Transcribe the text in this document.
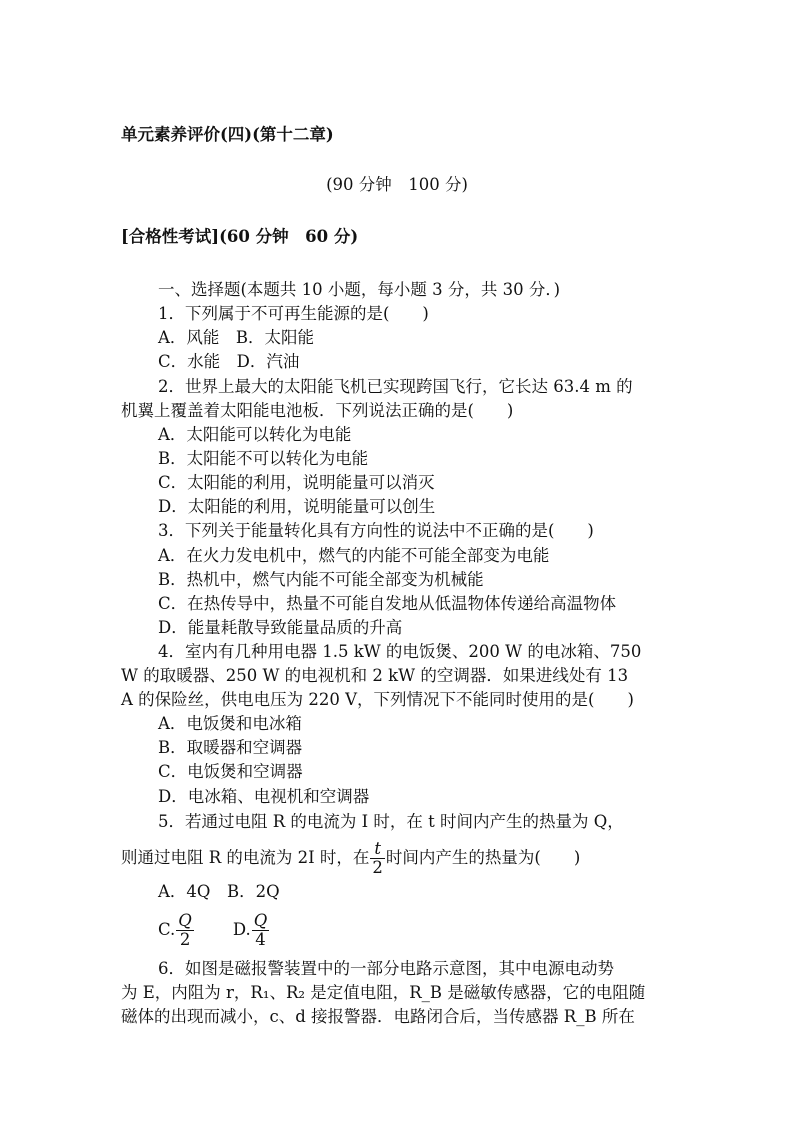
单元素养评价(四)(第十二章)
(90 分钟　100 分)
[合格性考试](60 分钟　60 分)
一、选择题(本题共 10 小题，每小题 3 分，共 30 分．)
1．下列属于不可再生能源的是(　　)
A．风能　B．太阳能
C．水能　D．汽油
2．世界上最大的太阳能飞机已实现跨国飞行，它长达 63.4 m 的
机翼上覆盖着太阳能电池板．下列说法正确的是(　　)
A．太阳能可以转化为电能
B．太阳能不可以转化为电能
C．太阳能的利用，说明能量可以消灭
D．太阳能的利用，说明能量可以创生
3．下列关于能量转化具有方向性的说法中不正确的是(　　)
A．在火力发电机中，燃气的内能不可能全部变为电能
B．热机中，燃气内能不可能全部变为机械能
C．在热传导中，热量不可能自发地从低温物体传递给高温物体
D．能量耗散导致能量品质的升高
4．室内有几种用电器 1.5 kW 的电饭煲、200 W 的电冰箱、750
W 的取暖器、250 W 的电视机和 2 kW 的空调器．如果进线处有 13
A 的保险丝，供电电压为 220 V，下列情况下不能同时使用的是(　　)
A．电饭煲和电冰箱
B．取暖器和空调器
C．电饭煲和空调器
D．电冰箱、电视机和空调器
5．若通过电阻 R 的电流为 I 时，在 t 时间内产生的热量为 Q，
则通过电阻 R 的电流为 2I 时，在 $\frac{t}{2}$ 时间内产生的热量为(　　)
A．4Q　B．2Q
C. $\frac{Q}{2} D$. $\frac{Q}{4}$
6．如图是磁报警装置中的一部分电路示意图，其中电源电动势
为 E，内阻为 r，R₁、R₂ 是定值电阻，R_B 是磁敏传感器，它的电阻随
磁体的出现而减小，c、d 接报警器．电路闭合后，当传感器 R_B 所在
